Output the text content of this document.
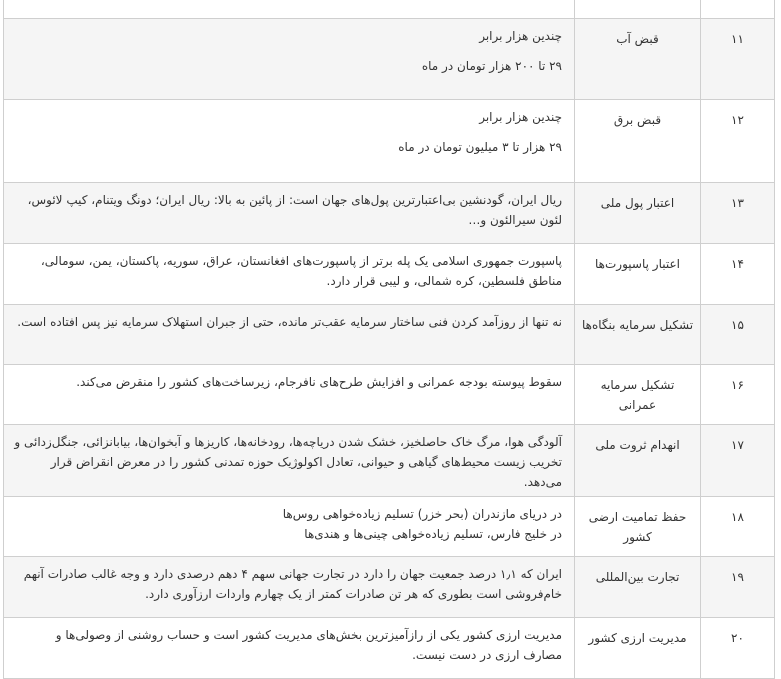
۱۱	قبض آب	چندین هزار برابر
۲۹ تا ۲۰۰ هزار تومان در ماه

۱۲	قبض برق	چندین هزار برابر
۲۹ هزار تا ۳ میلیون تومان در ماه

۱۳	اعتبار پول ملی	ریال ایران، گودنشین بی‌اعتبارترین پول‌های جهان است: از پائین به بالا: ریال ایران؛ دونگ ویتنام، کیپ لائوس، لئون سیرالئون و…

۱۴	اعتبار پاسپورت‌ها	پاسپورت جمهوری اسلامی یک پله برتر از پاسپورت‌های افغانستان، عراق، سوریه، پاکستان، یمن، سومالی، مناطق فلسطین، کره شمالی، و لیبی قرار دارد.

۱۵	تشکیل سرمایه بنگاه‌ها	نه تنها از روزآمد کردن فنی ساختار سرمایه عقب‌تر مانده، حتی از جبران استهلاک سرمایه نیز پس افتاده است.

۱۶	تشکیل سرمایه عمرانی	سقوط پیوسته بودجه عمرانی و افزایش طرح‌های نافرجام، زیرساخت‌های کشور را منقرض می‌کند.

۱۷	انهدام ثروت ملی	آلودگی هوا، مرگ خاک حاصلخیز، خشک شدن دریاچه‌ها، رودخانه‌ها، کاریزها و آبخوان‌ها، بیابانزائی، جنگل‌زدائی و تخریب زیست محیط‌های گیاهی و حیوانی، تعادل اکولوژیک حوزه تمدنی کشور را در معرض انقراض قرار می‌دهد.

۱۸	حفظ تمامیت ارضی کشور	در دریای مازندران (بحر خزر) تسلیم زیاده‌خواهی روس‌ها
در خلیج فارس، تسلیم زیاده‌خواهی چینی‌ها و هندی‌ها

۱۹	تجارت بین‌المللی	ایران که ۱٫۱ درصد جمعیت جهان را دارد در تجارت جهانی سهم ۴ دهم درصدی دارد و وجه غالب صادرات آنهم خام‌فروشی است بطوری که هر تن صادرات کمتر از یک چهارم واردات ارزآوری دارد.

۲۰	مدیریت ارزی کشور	مدیریت ارزی کشور یکی از رازآمیزترین بخش‌های مدیریت کشور است و حساب روشنی از وصولی‌ها و مصارف ارزی در دست نیست.
